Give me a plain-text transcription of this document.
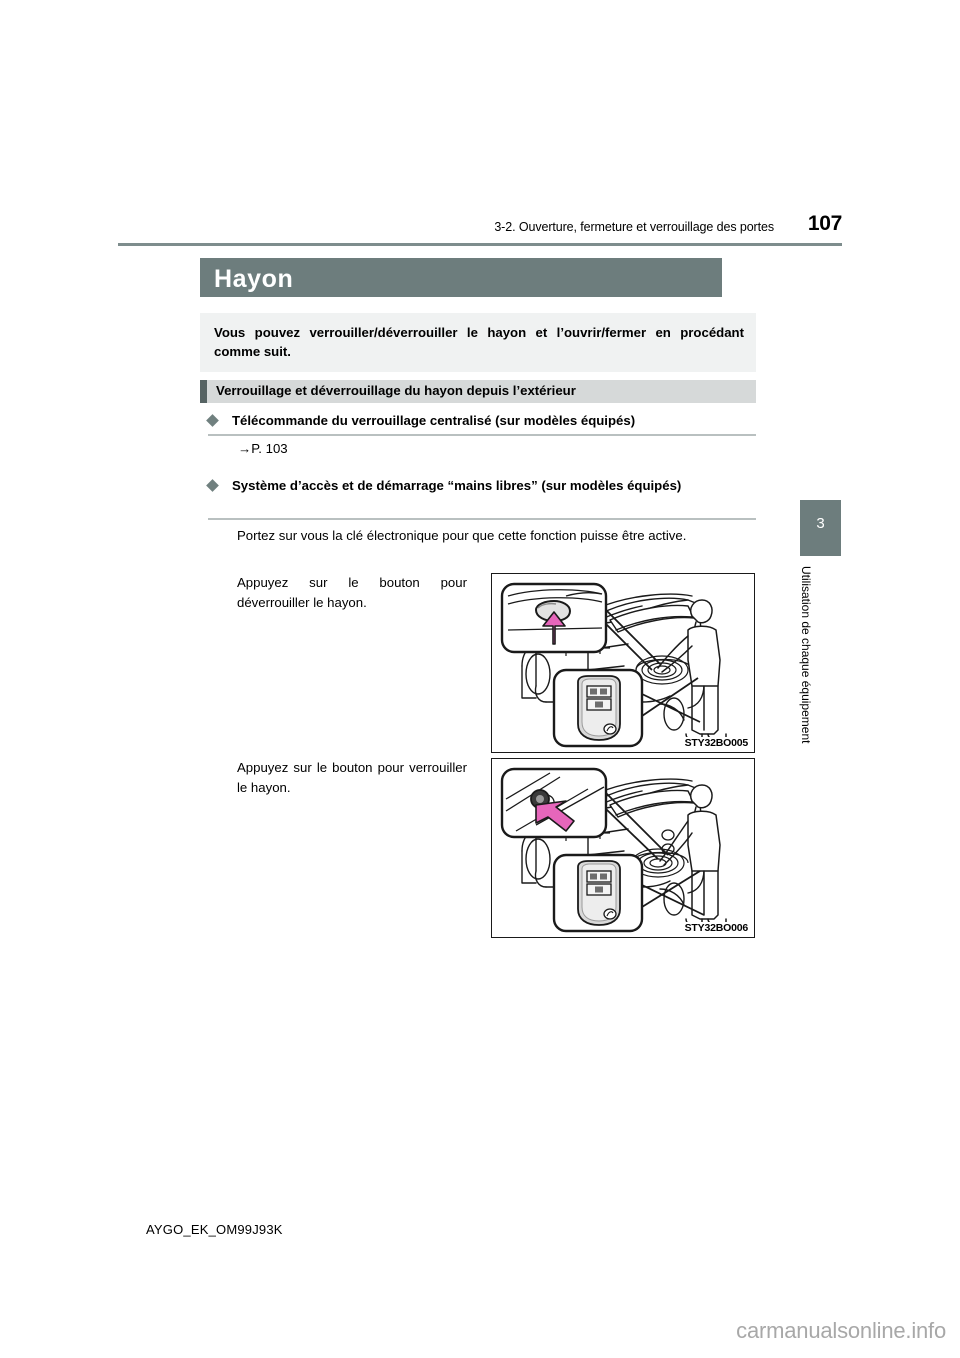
3-2. Ouverture, fermeture et verrouillage des portes 107
Hayon
Vous pouvez verrouiller/déverrouiller le hayon et l’ouvrir/fermer en procédant comme suit.
Verrouillage et déverrouillage du hayon depuis l’extérieur
Télécommande du verrouillage centralisé (sur modèles équipés)
→P. 103
Système d’accès et de démarrage “mains libres” (sur modèles équipés)
Portez sur vous la clé électronique pour que cette fonction puisse être active.
Appuyez sur le bouton pour déverrouiller le hayon.
STY32BO005
Appuyez sur le bouton pour verrouiller le hayon.
STY32BO006
3
Utilisation de chaque équipement
AYGO_EK_OM99J93K
carmanualsonline.info
